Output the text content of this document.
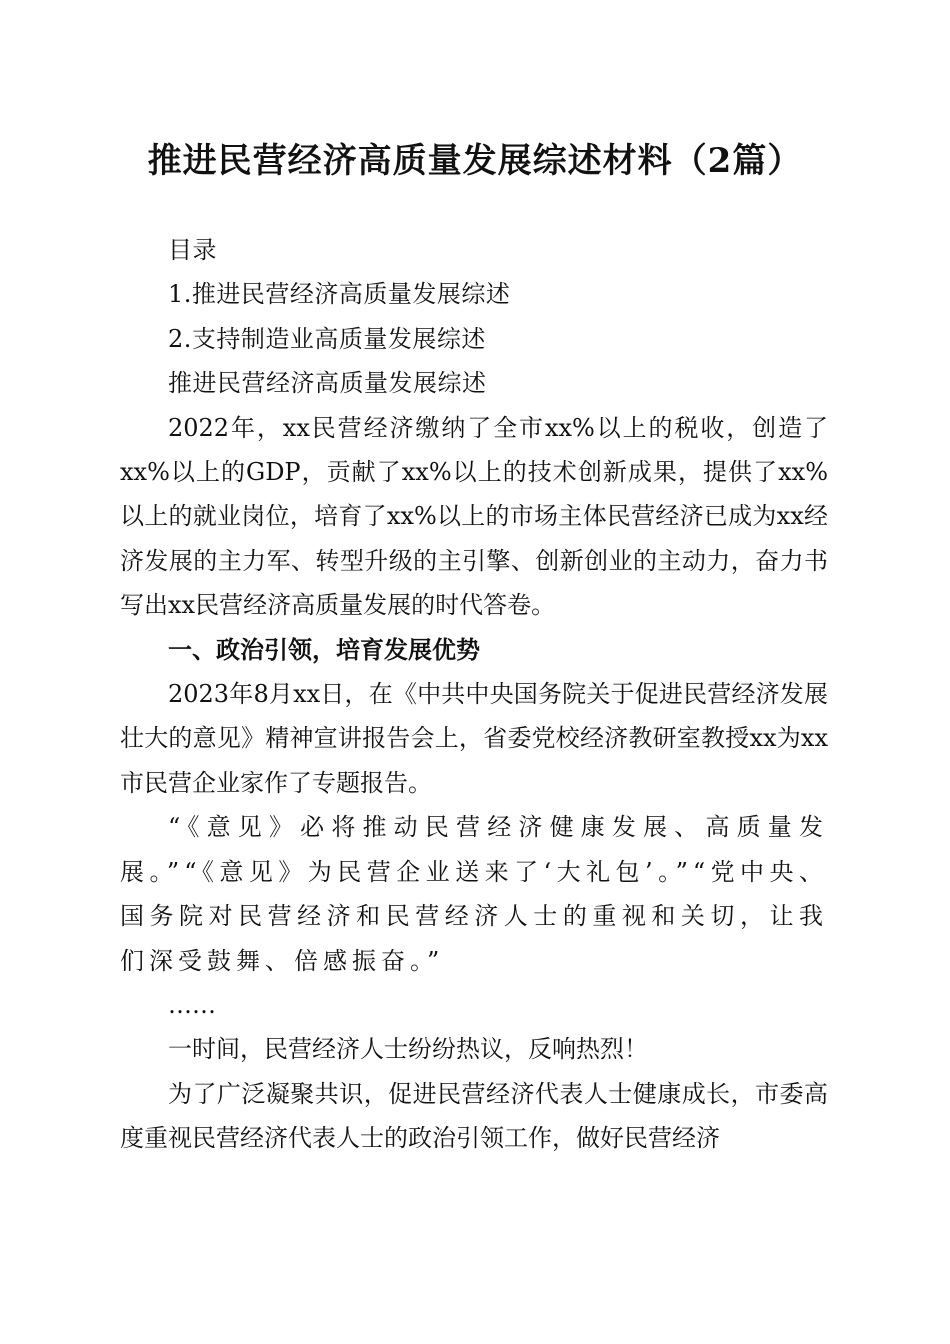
推进民营经济高质量发展综述材料（2篇）

目录

1.推进民营经济高质量发展综述

2.支持制造业高质量发展综述

推进民营经济高质量发展综述

2022年，xx民营经济缴纳了全市xx%以上的税收，创造了xx%以上的GDP，贡献了xx%以上的技术创新成果，提供了xx%以上的就业岗位，培育了xx%以上的市场主体民营经济已成为xx经济发展的主力军、转型升级的主引擎、创新创业的主动力，奋力书写出xx民营经济高质量发展的时代答卷。

一、政治引领，培育发展优势

2023年8月xx日，在《中共中央国务院关于促进民营经济发展壮大的意见》精神宣讲报告会上，省委党校经济教研室教授xx为xx市民营企业家作了专题报告。

“《意见》必将推动民营经济健康发展、高质量发展。”“《意见》为民营企业送来了‘大礼包’。”“党中央、国务院对民营经济和民营经济人士的重视和关切，让我们深受鼓舞、倍感振奋。”

……

一时间，民营经济人士纷纷热议，反响热烈！

为了广泛凝聚共识，促进民营经济代表人士健康成长，市委高度重视民营经济代表人士的政治引领工作，做好民营经济
